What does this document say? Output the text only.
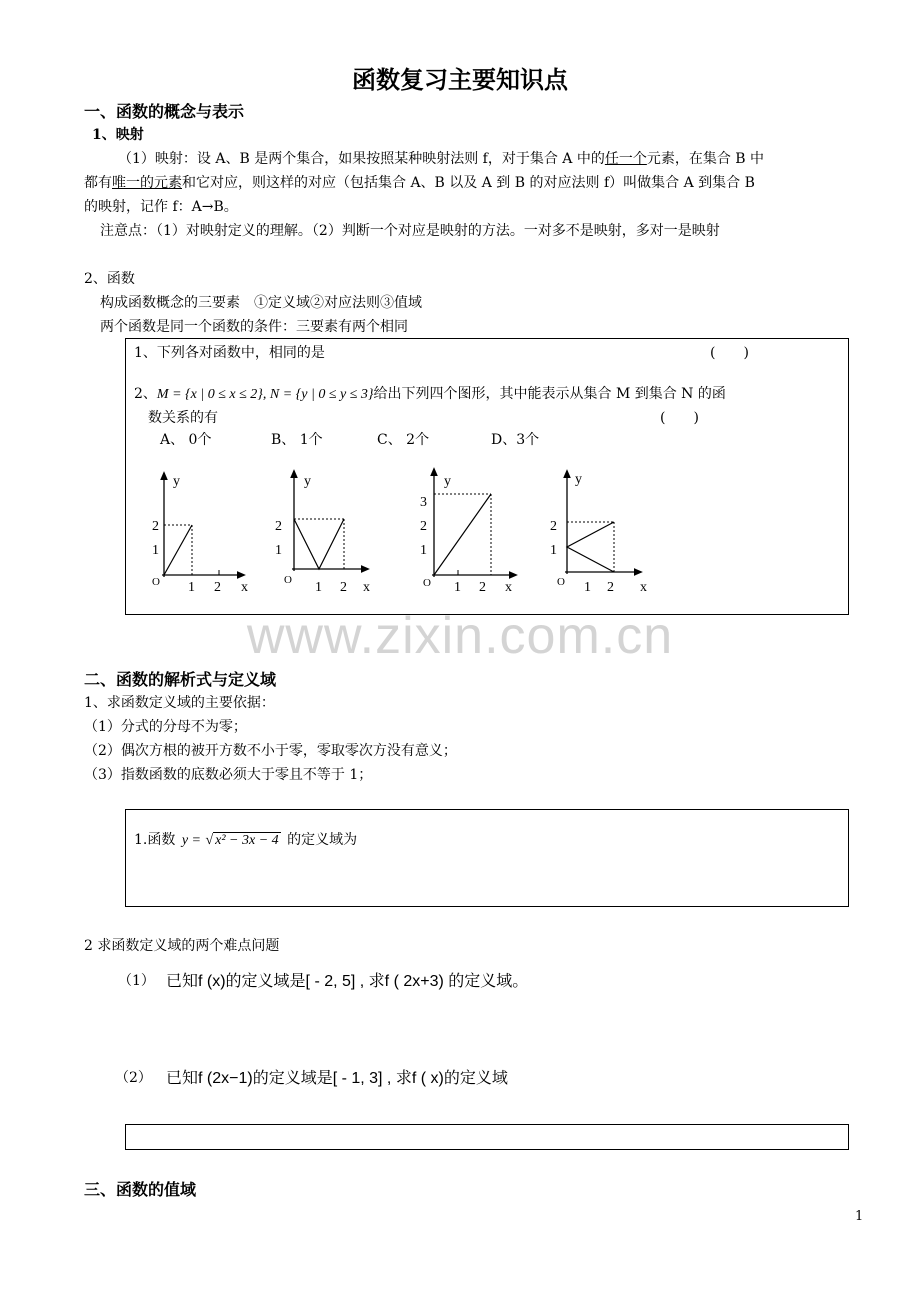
函数复习主要知识点
一、函数的概念与表示
1、映射
（1）映射：设 A、B 是两个集合，如果按照某种映射法则 f，对于集合 A 中的任一个元素，在集合 B 中
都有唯一的元素和它对应，则这样的对应（包括集合 A、B 以及 A 到 B 的对应法则 f）叫做集合 A 到集合 B
的映射，记作 f：A→B。
注意点：（1）对映射定义的理解。（2）判断一个对应是映射的方法。一对多不是映射，多对一是映射
2、函数
构成函数概念的三要素　①定义域②对应法则③值域
两个函数是同一个函数的条件：三要素有两个相同
1、下列各对函数中，相同的是	(　　)
2、M = {x | 0 ≤ x ≤ 2}, N = {y | 0 ≤ y ≤ 3}给出下列四个图形，其中能表示从集合 M 到集合 N 的函
数关系的有	(　　)
A、 0个	B、 1个	C、 2个	D、3个
y
2
1
O 1 2 x
y
2
1
O 1 2 x
y
3
2
1
O 1 2 x
y
2
1
O 1 2 x
www.zixin.com.cn
二、函数的解析式与定义域
1、求函数定义域的主要依据：
（1）分式的分母不为零；
（2）偶次方根的被开方数不小于零，零取零次方没有意义；
（3）指数函数的底数必须大于零且不等于 1；
1.函数 y = √ x² − 3x − 4 的定义域为
2 求函数定义域的两个难点问题
（1） 已知f (x)的定义域是[ - 2, 5] , 求f ( 2x+3) 的定义域。
（2） 已知f (2x−1)的定义域是[ - 1, 3] , 求f ( x)的定义域
三、函数的值域
1
